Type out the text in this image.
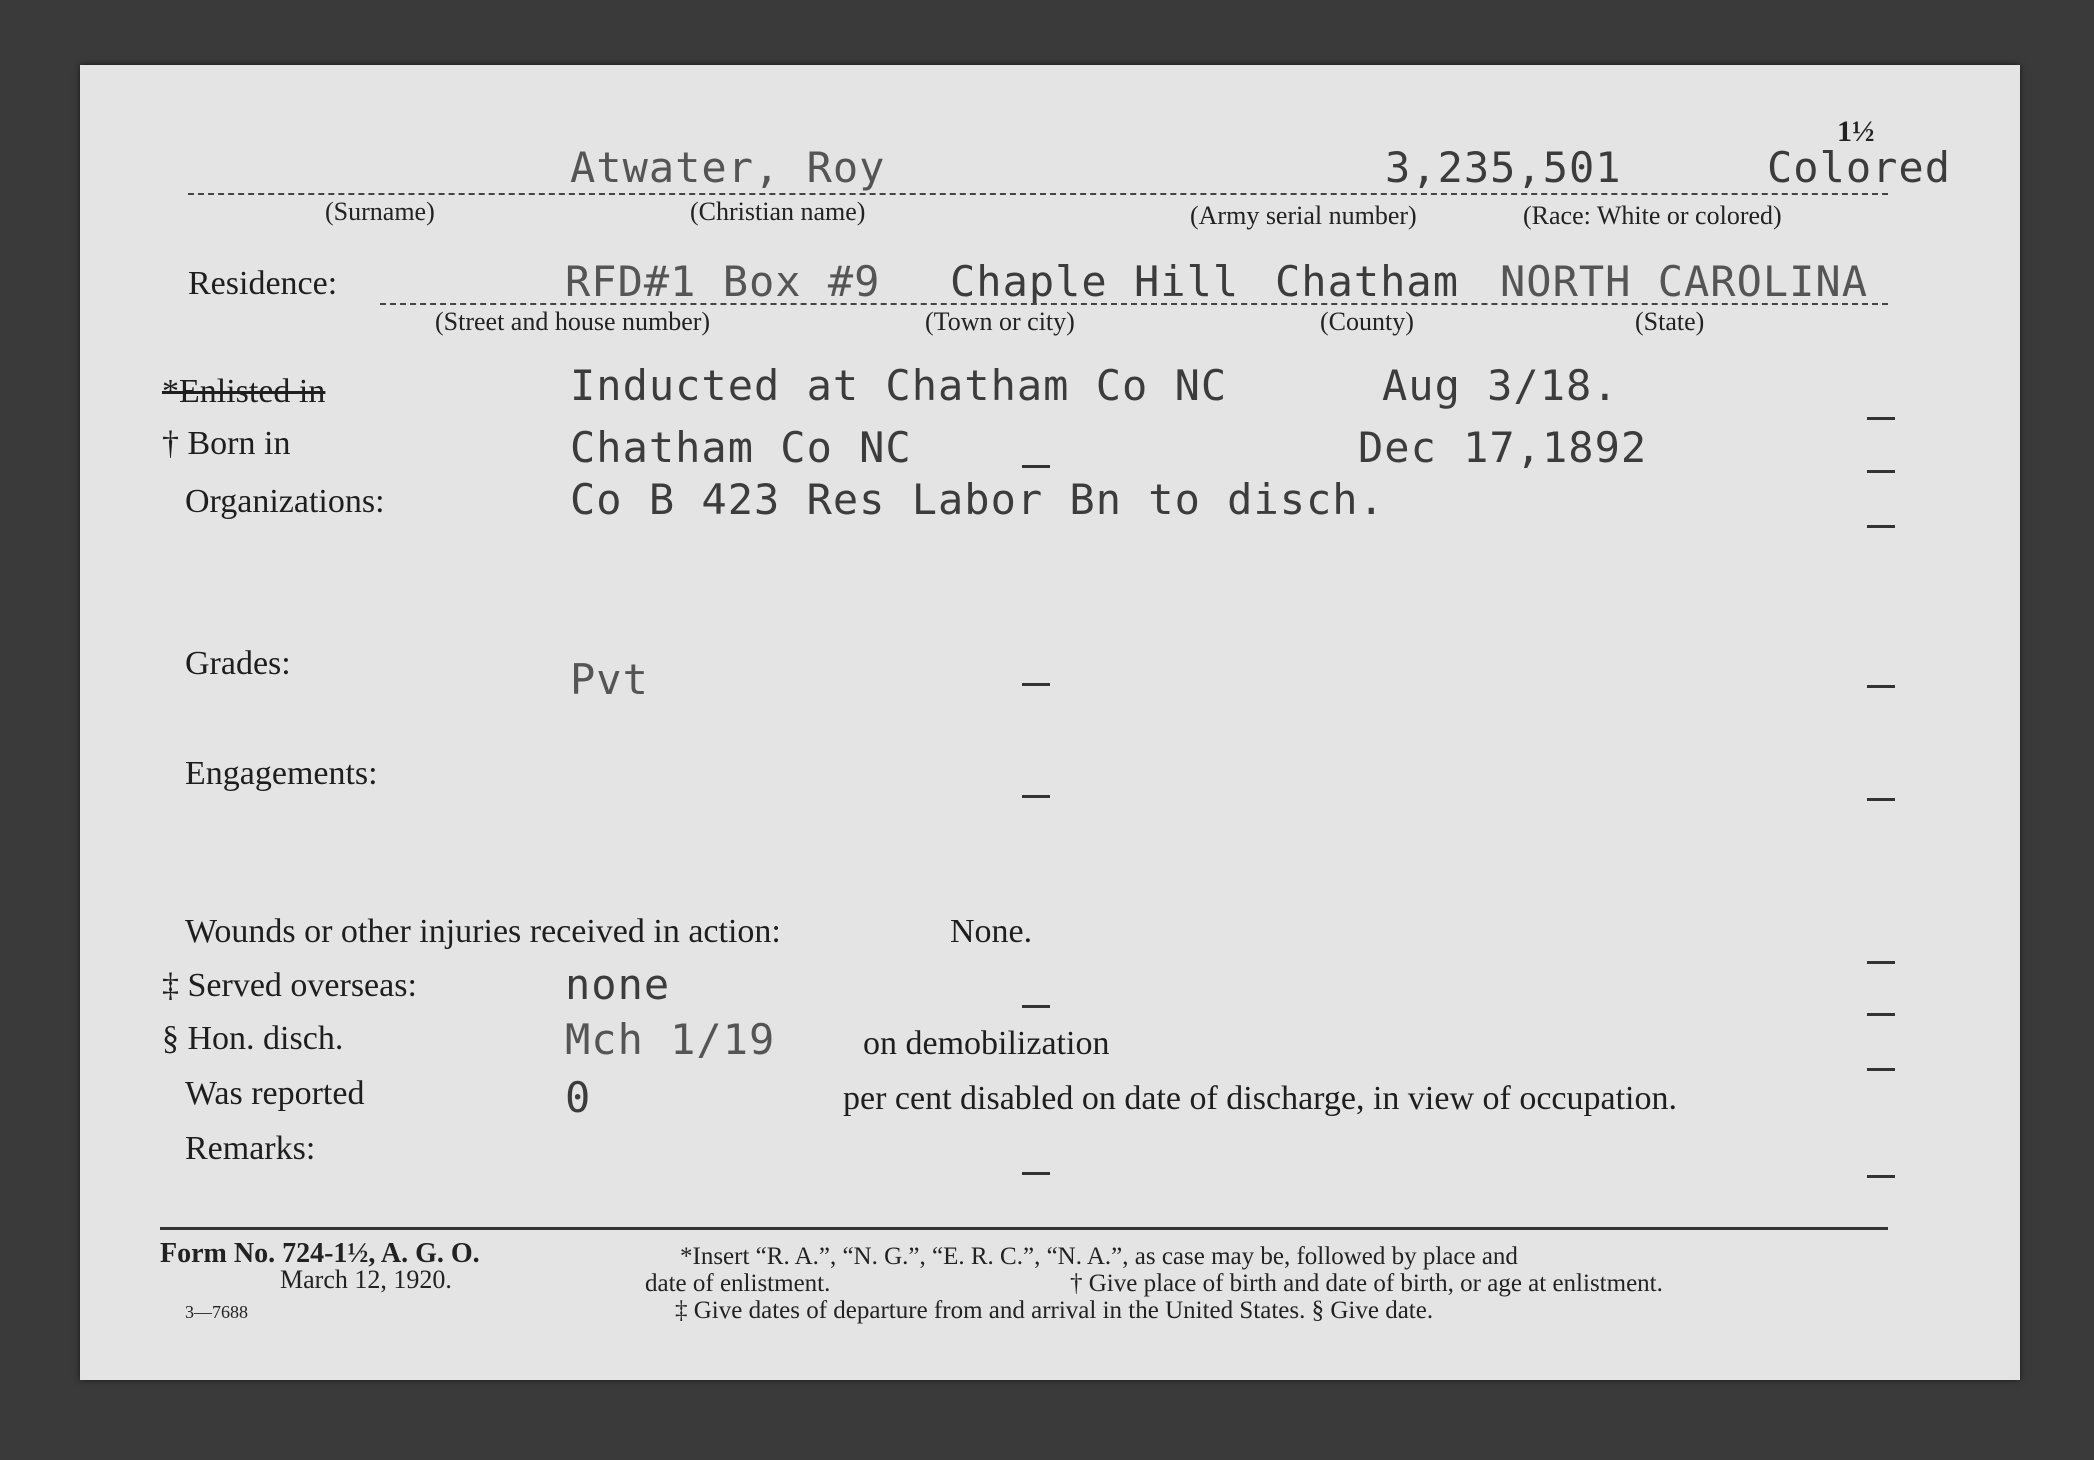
1½
Atwater, Roy	3,235,501	Colored
(Surname)	(Christian name)	(Army serial number)	(Race: White or colored)
Residence:	RFD#1 Box #9 Chaple Hill Chatham NORTH CAROLINA
(Street and house number)	(Town or city)	(County)	(State)
*Enlisted in	Inducted at Chatham Co NC	Aug 3/18.
† Born in	Chatham Co NC	Dec 17,1892
Organizations:	Co B 423 Res Labor Bn to disch.
Grades:	Pvt
Engagements:
Wounds or other injuries received in action:	None.
‡ Served overseas:	none
§ Hon. disch.	Mch 1/19	on demobilization
Was reported	0	per cent disabled on date of discharge, in view of occupation.
Remarks:
Form No. 724-1½, A. G. O.
March 12, 1920.
3—7688
*Insert “R. A.”, “N. G.”, “E. R. C.”, “N. A.”, as case may be, followed by place and
date of enlistment.	† Give place of birth and date of birth, or age at enlistment.
‡ Give dates of departure from and arrival in the United States. § Give date.
